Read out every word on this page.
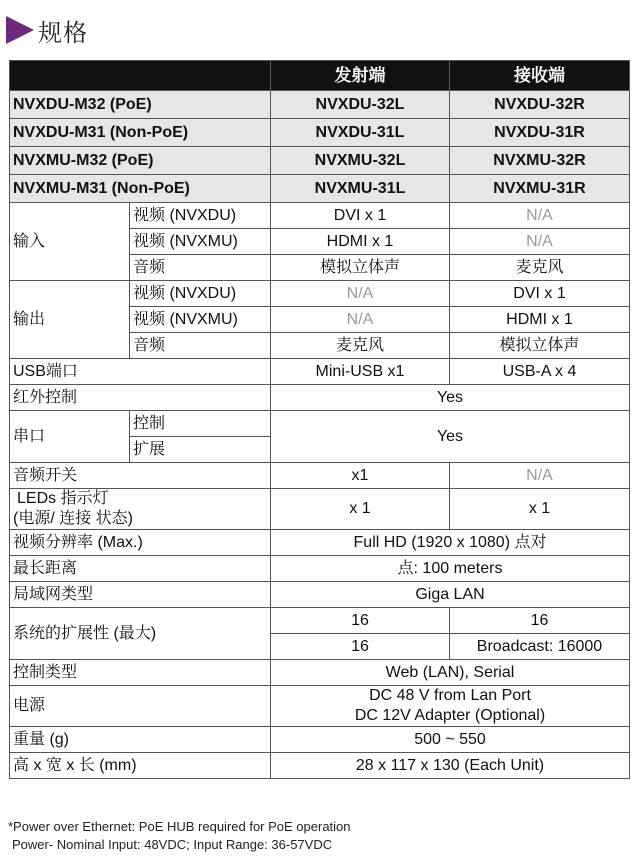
规格
		发射端	接收端
NVXDU-M32 (PoE)		NVXDU-32L	NVXDU-32R
NVXDU-M31 (Non-PoE)		NVXDU-31L	NVXDU-31R
NVXMU-M32 (PoE)		NVXMU-32L	NVXMU-32R
NVXMU-M31 (Non-PoE)		NVXMU-31L	NVXMU-31R
输入	视频 (NVXDU)	DVI x 1	N/A
	视频 (NVXMU)	HDMI x 1	N/A
	音频	模拟立体声	麦克风
输出	视频 (NVXDU)	N/A	DVI x 1
	视频 (NVXMU)	N/A	HDMI x 1
	音频	麦克风	模拟立体声
USB端口		Mini-USB x1	USB-A x 4
红外控制		Yes	
串口	控制	Yes	
	扩展		
音频开关		x1	N/A

LEDs 指示灯
(电源/ 连接 状态)		x 1	x 1
视频分辨率 (Max.)		Full HD (1920 x 1080) 点对	
最长距离		点: 100 meters	
局域网类型		Giga LAN	
系统的扩展性 (最大)		16	16
		16	Broadcast: 16000
控制类型		Web (LAN), Serial	
电源		DC 48 V from Lan Port
DC 12V Adapter (Optional)	

重量 (g)		500 ~ 550	
高 x 宽 x 长 (mm)		28 x 117 x 130 (Each Unit)	
*Power over Ethernet: PoE HUB required for PoE operation
Power- Nominal Input: 48VDC; Input Range: 36-57VDC
